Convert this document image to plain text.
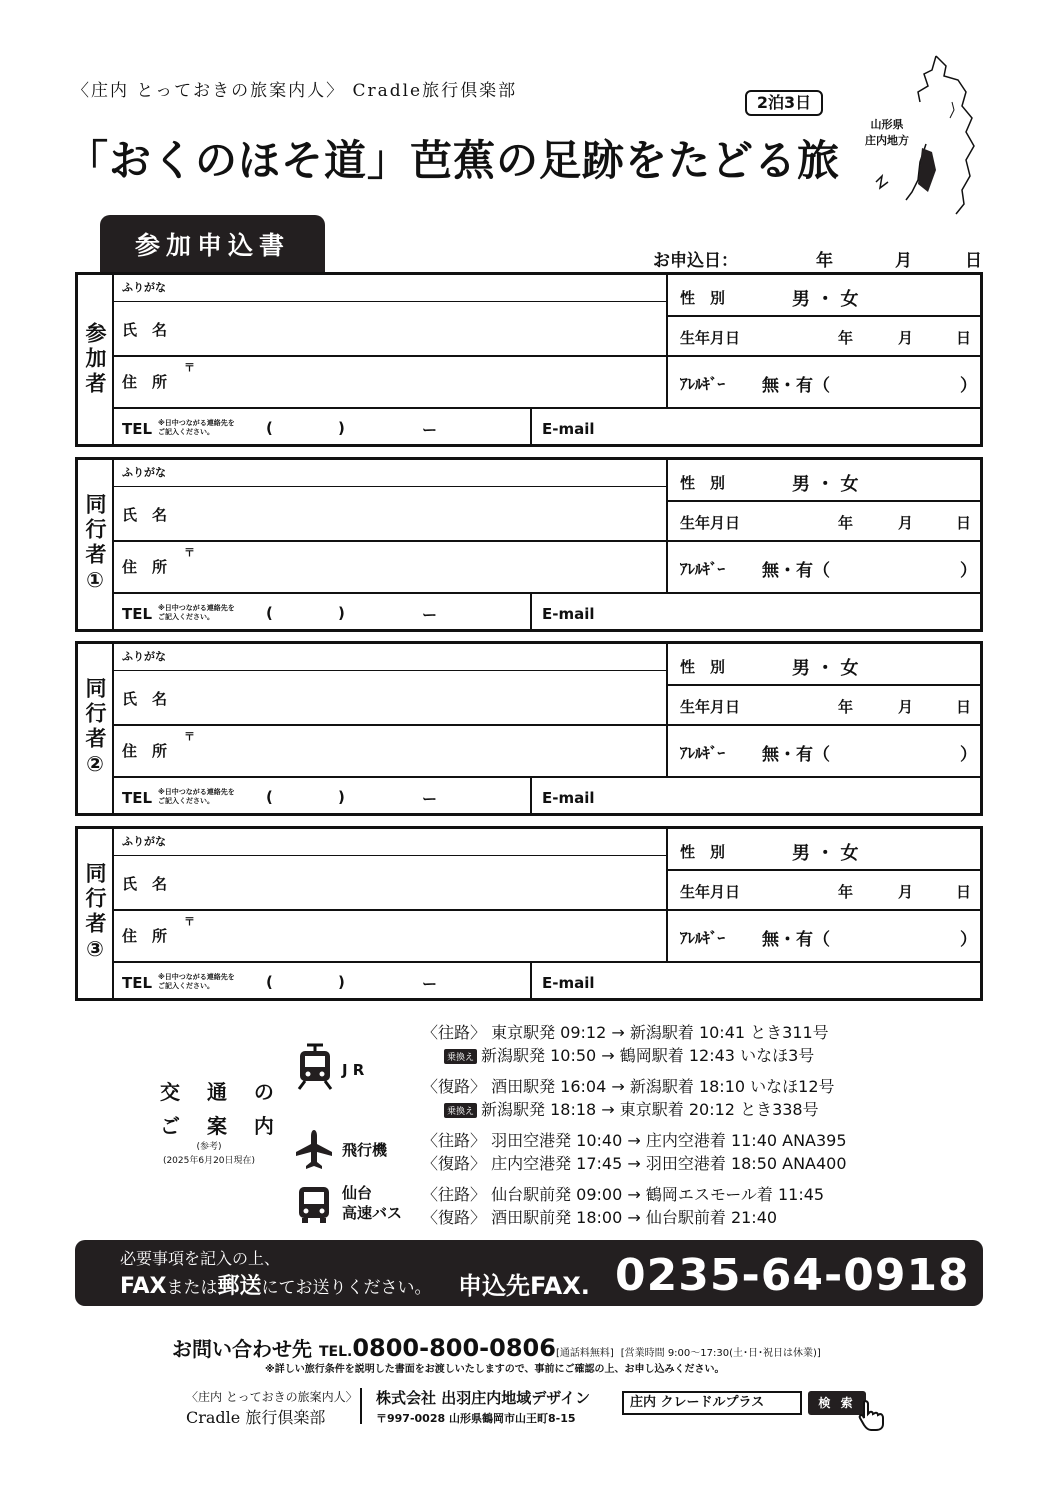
〈庄内 とっておきの旅案内人〉 Cradle旅行倶楽部
2泊3日
「おくのほそ道」芭蕉の足跡をたどる旅
山形県
庄内地方
参加申込書
お申込日：	年	月	日
参加者
ふりがな
氏　名
住　所
〒
TEL ※日中つながる連絡先を
ご記入ください。	(	)	ー	E-mail
性　別	男 ・ 女
生年月日	年	月	日
ｱﾚﾙｷﾞｰ 無・有（	）
同行者①
ふりがな
氏　名
住　所
〒
TEL ※日中つながる連絡先を
ご記入ください。	(	)	ー	E-mail
性　別	男 ・ 女
生年月日	年	月	日
ｱﾚﾙｷﾞｰ 無・有（	）
同行者②
ふりがな
氏　名
住　所
〒
TEL ※日中つながる連絡先を
ご記入ください。	(	)	ー	E-mail
性　別	男 ・ 女
生年月日	年	月	日
ｱﾚﾙｷﾞｰ 無・有（	）
同行者③
ふりがな
氏　名
住　所
〒
TEL ※日中つながる連絡先を
ご記入ください。	(	)	ー	E-mail
性　別	男 ・ 女
生年月日	年	月	日
ｱﾚﾙｷﾞｰ 無・有（	）
交 通 の
ご 案 内
(参考)
(2025年6月20日現在)
J R
飛行機
仙台
高速バス
〈往路〉 東京駅発 09:12 → 新潟駅着 10:41 とき311号
乗換え 新潟駅発 10:50 → 鶴岡駅着 12:43 いなほ3号
〈復路〉 酒田駅発 16:04 → 新潟駅着 18:10 いなほ12号
乗換え 新潟駅発 18:18 → 東京駅着 20:12 とき338号
〈往路〉 羽田空港発 10:40 → 庄内空港着 11:40 ANA395
〈復路〉 庄内空港発 17:45 → 羽田空港着 18:50 ANA400
〈往路〉 仙台駅前発 09:00 → 鶴岡エスモール着 11:45
〈復路〉 酒田駅前発 18:00 → 仙台駅前着 21:40
必要事項を記入の上、
FAXまたは郵送にてお送りください。 申込先FAX. 0235-64-0918
お問い合わせ先 TEL.0800-800-0806[通話料無料] [営業時間 9:00〜17:30(土･日･祝日は休業)]
※詳しい旅行条件を説明した書面をお渡しいたしますので、事前にご確認の上、お申し込みください。
〈庄内 とっておきの旅案内人〉
Cradle 旅行倶楽部
株式会社 出羽庄内地域デザイン
〒997-0028 山形県鶴岡市山王町8-15
庄内 クレードルプラス	検 索
